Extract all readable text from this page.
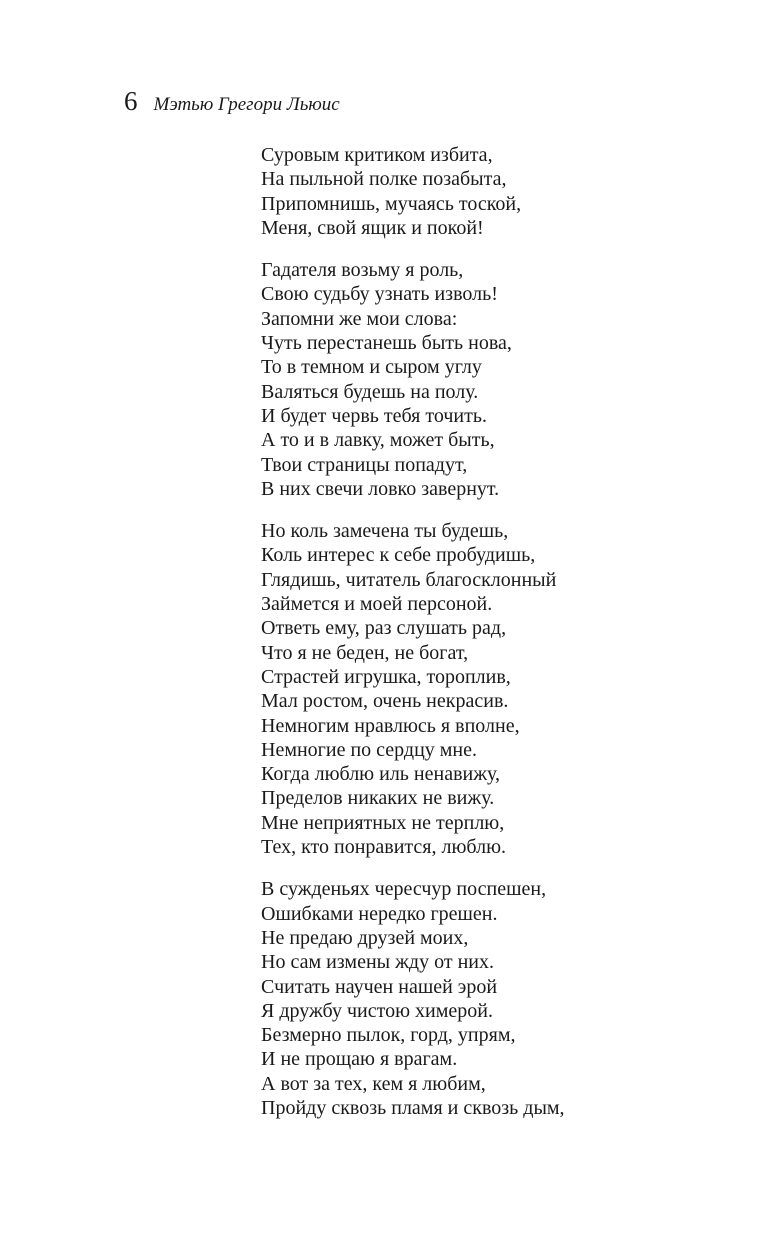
6 Мэтью Грегори Льюис
Суровым критиком избита,
На пыльной полке позабыта,
Припомнишь, мучаясь тоской,
Меня, свой ящик и покой!
Гадателя возьму я роль,
Свою судьбу узнать изволь!
Запомни же мои слова:
Чуть перестанешь быть нова,
То в темном и сыром углу
Валяться будешь на полу.
И будет червь тебя точить.
А то и в лавку, может быть,
Твои страницы попадут,
В них свечи ловко завернут.
Но коль замечена ты будешь,
Коль интерес к себе пробудишь,
Глядишь, читатель благосклонный
Займется и моей персоной.
Ответь ему, раз слушать рад,
Что я не беден, не богат,
Страстей игрушка, тороплив,
Мал ростом, очень некрасив.
Немногим нравлюсь я вполне,
Немногие по сердцу мне.
Когда люблю иль ненавижу,
Пределов никаких не вижу.
Мне неприятных не терплю,
Тех, кто понравится, люблю.
В сужденьях чересчур поспешен,
Ошибками нередко грешен.
Не предаю друзей моих,
Но сам измены жду от них.
Считать научен нашей эрой
Я дружбу чистою химерой.
Безмерно пылок, горд, упрям,
И не прощаю я врагам.
А вот за тех, кем я любим,
Пройду сквозь пламя и сквозь дым,
